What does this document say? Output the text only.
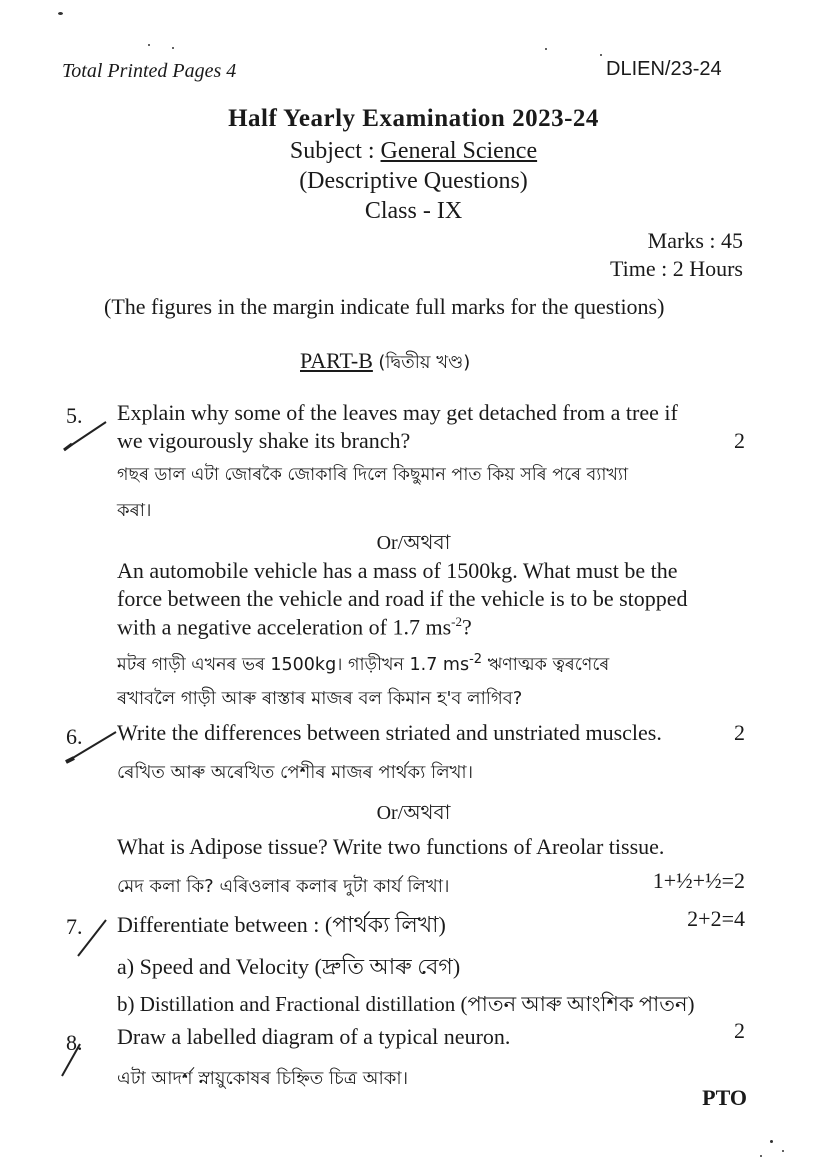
Total Printed Pages 4	DLIEN/23-24
Half Yearly Examination 2023-24
Subject : General Science
(Descriptive Questions)
Class - IX
Marks : 45
Time : 2 Hours
(The figures in the margin indicate full marks for the questions)
PART-B (দ্বিতীয় খণ্ড)
5. Explain why some of the leaves may get detached from a tree if
we vigourously shake its branch?	2
গছৰ ডাল এটা জোৰকৈ জোকাৰি দিলে কিছুমান পাত কিয় সৰি পৰে ব্যাখ্যা
কৰা।
Or/অথবা
An automobile vehicle has a mass of 1500kg. What must be the
force between the vehicle and road if the vehicle is to be stopped
with a negative acceleration of 1.7 $ms^{-2}$?
মটৰ গাড়ী এখনৰ ভৰ 1500kg। গাড়ীখন 1.7 $ms^{-2}$ ঋণাত্মক ত্বৰণেৰে
ৰখাবলৈ গাড়ী আৰু ৰাস্তাৰ মাজৰ বল কিমান হ'ব লাগিব?
6. Write the differences between striated and unstriated muscles.	2
ৰেখিত আৰু অৰেখিত পেশীৰ মাজৰ পাৰ্থক্য লিখা।
Or/অথবা
What is Adipose tissue? Write two functions of Areolar tissue.
মেদ কলা কি? এৰিওলাৰ কলাৰ দুটা কাৰ্য লিখা।	1+½+½=2
7. Differentiate between : (পাৰ্থক্য লিখা)	2+2=4
a) Speed and Velocity (দ্ৰুতি আৰু বেগ)
b) Distillation and Fractional distillation (পাতন আৰু আংশিক পাতন)
8. Draw a labelled diagram of a typical neuron.	2
এটা আদর্শ স্নায়ুকোষৰ চিহ্নিত চিত্র আকা।
PTO
